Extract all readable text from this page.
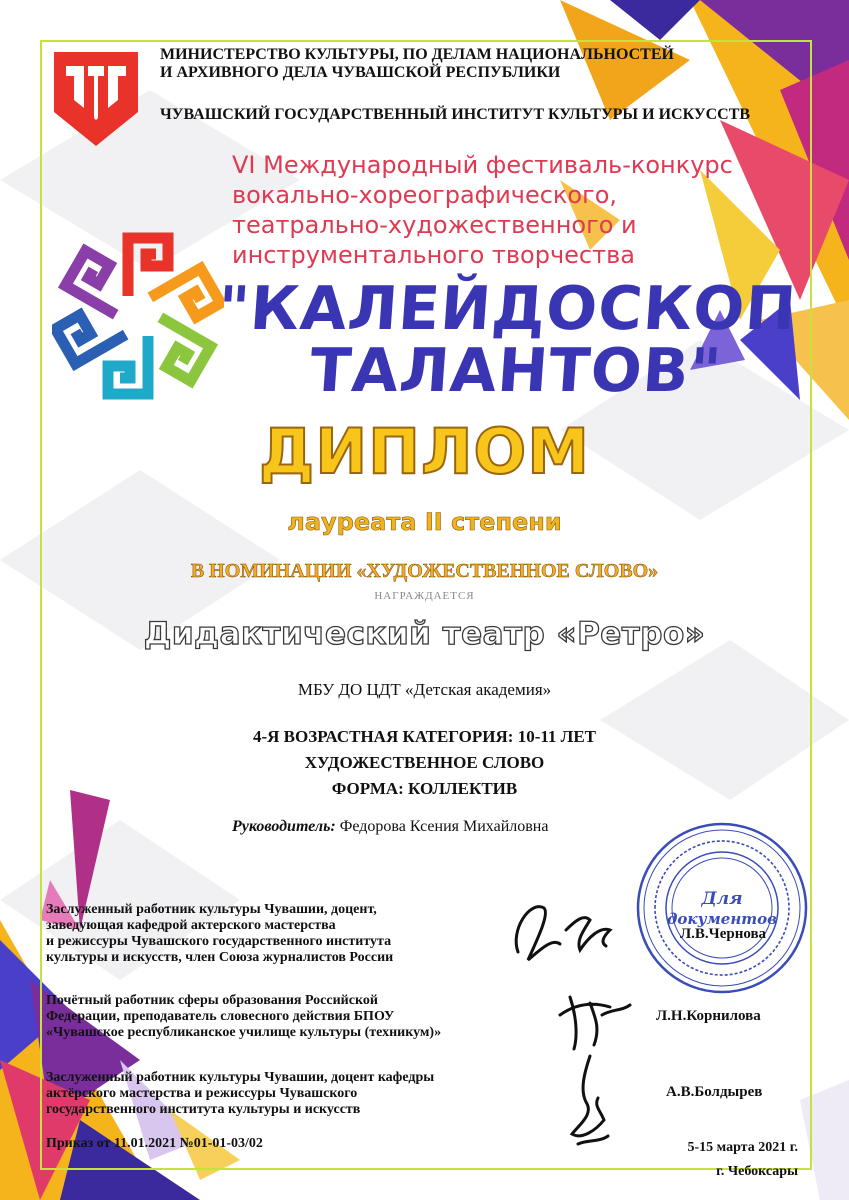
МИНИСТЕРСТВО КУЛЬТУРЫ, ПО ДЕЛАМ НАЦИОНАЛЬНОСТЕЙ
И АРХИВНОГО ДЕЛА ЧУВАШСКОЙ РЕСПУБЛИКИ
ЧУВАШСКИЙ ГОСУДАРСТВЕННЫЙ ИНСТИТУТ КУЛЬТУРЫ И ИСКУССТВ
VI Международный фестиваль-конкурс
вокально-хореографического,
театрально-художественного и
инструментального творчества
"КАЛЕЙДОСКОП
ТАЛАНТОВ"
ДИПЛОМ
лауреата II степени
В НОМИНАЦИИ «ХУДОЖЕСТВЕННОЕ СЛОВО»
НАГРАЖДАЕТСЯ
Дидактический театр «Ретро»
МБУ ДО ЦДТ «Детская академия»
4-Я ВОЗРАСТНАЯ КАТЕГОРИЯ: 10-11 ЛЕТ
ХУДОЖЕСТВЕННОЕ СЛОВО
ФОРМА: КОЛЛЕКТИВ
Руководитель: Федорова Ксения Михайловна
Для
документов
Заслуженный работник культуры Чувашии, доцент,
заведующая кафедрой актерского мастерства
и режиссуры Чувашского государственного института
культуры и искусств, член Союза журналистов России
Л.В.Чернова
Почётный работник сферы образования Российской
Федерации, преподаватель словесного действия БПОУ
«Чувашское республиканское училище культуры (техникум)»
Л.Н.Корнилова
Заслуженный работник культуры Чувашии, доцент кафедры
актёрского мастерства и режиссуры Чувашского
государственного института культуры и искусств
А.В.Болдырев
Приказ от 11.01.2021 №01-01-03/02	5-15 марта 2021 г.
г. Чебоксары
